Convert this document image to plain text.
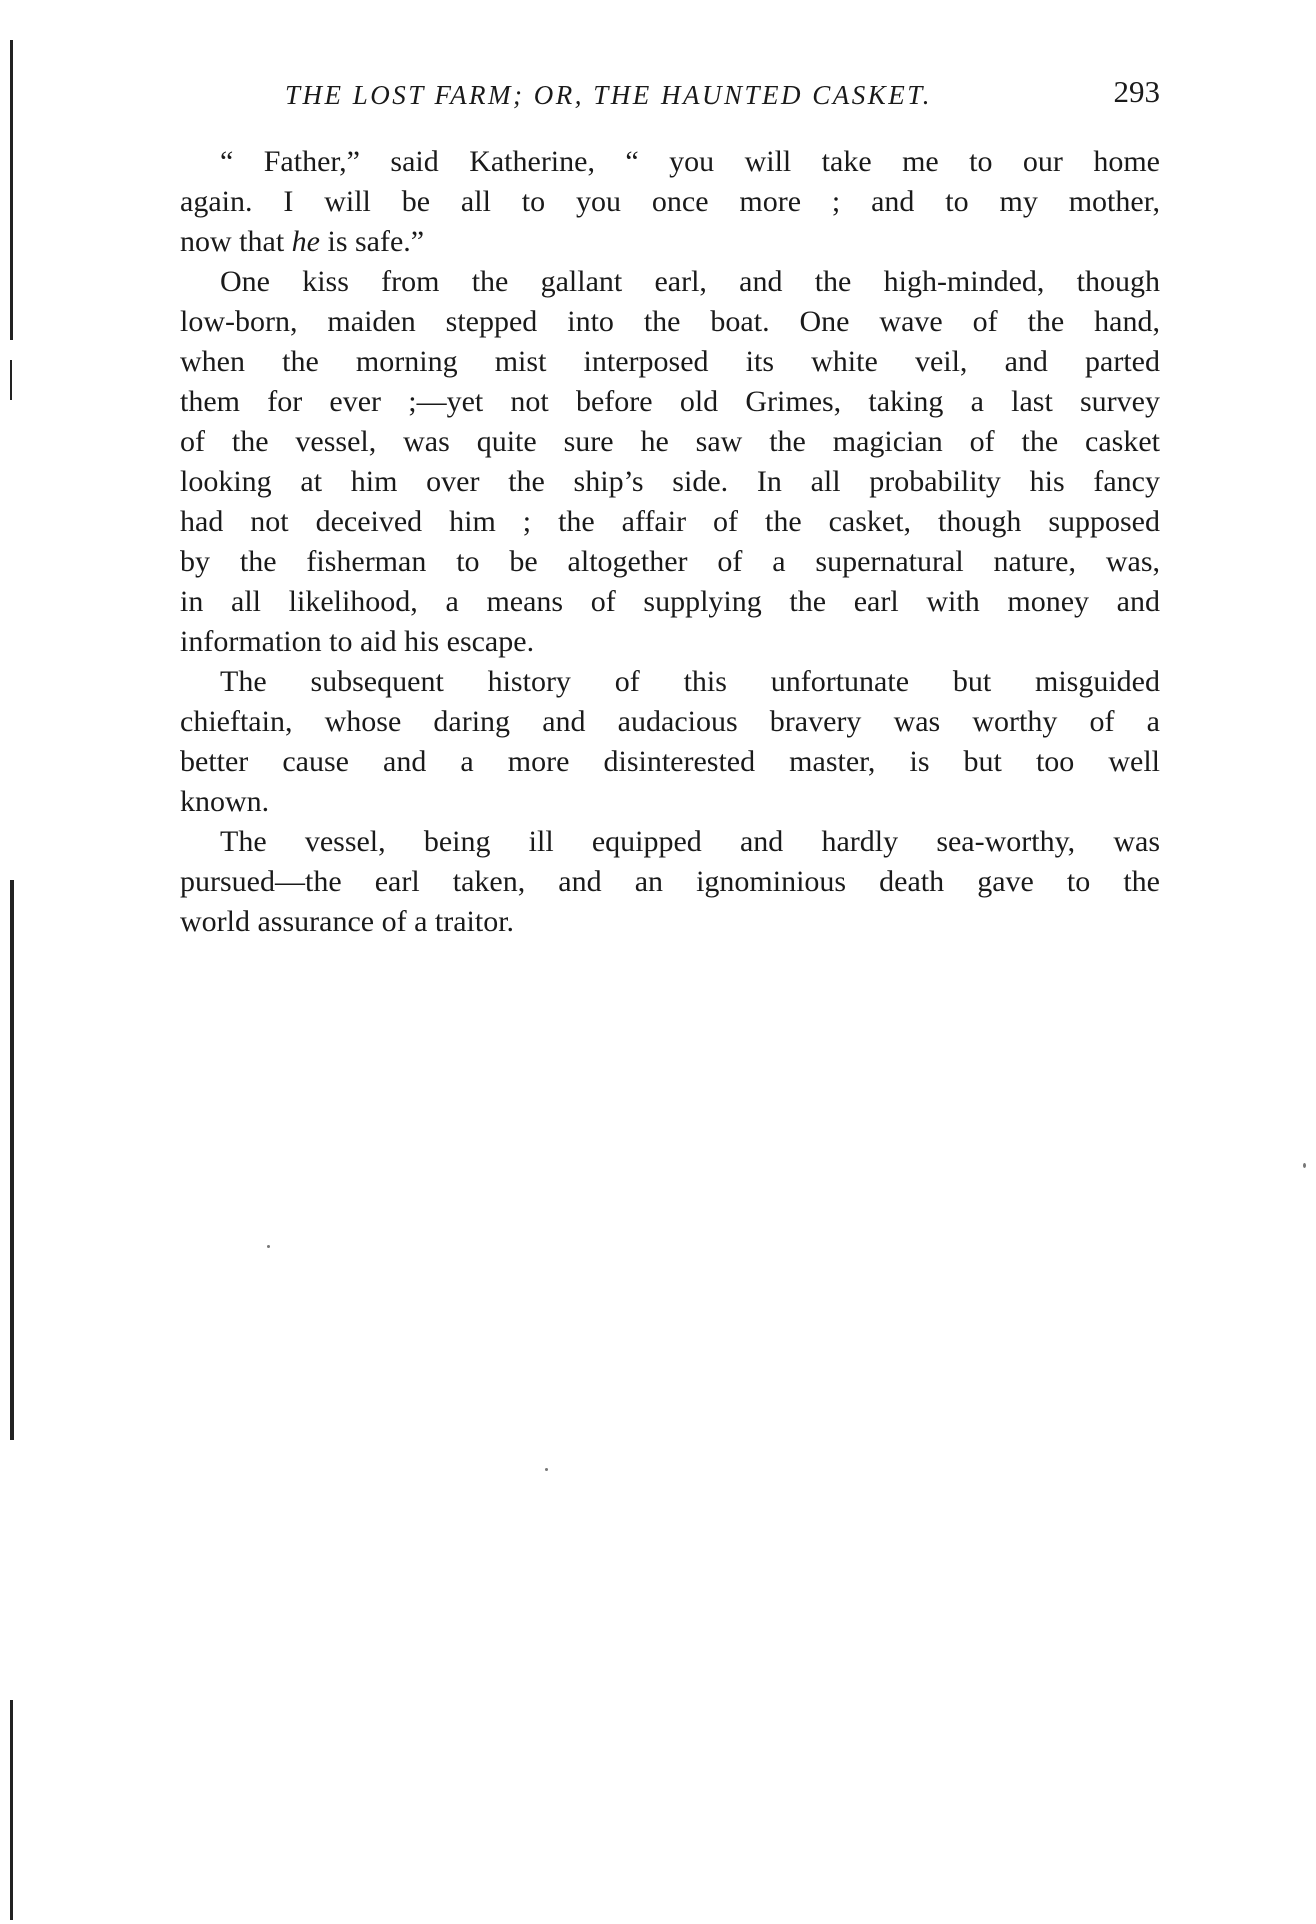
THE LOST FARM; OR, THE HAUNTED CASKET.	293
“ Father,” said Katherine, “ you will take me to our home
again. I will be all to you once more ; and to my mother,
now that he is safe.”
One kiss from the gallant earl, and the high-minded, though
low-born, maiden stepped into the boat. One wave of the hand,
when the morning mist interposed its white veil, and parted
them for ever ;—yet not before old Grimes, taking a last survey
of the vessel, was quite sure he saw the magician of the casket
looking at him over the ship’s side. In all probability his fancy
had not deceived him ; the affair of the casket, though supposed
by the fisherman to be altogether of a supernatural nature, was,
in all likelihood, a means of supplying the earl with money and
information to aid his escape.
The subsequent history of this unfortunate but misguided
chieftain, whose daring and audacious bravery was worthy of a
better cause and a more disinterested master, is but too well
known.
The vessel, being ill equipped and hardly sea-worthy, was
pursued—the earl taken, and an ignominious death gave to the
world assurance of a traitor.
